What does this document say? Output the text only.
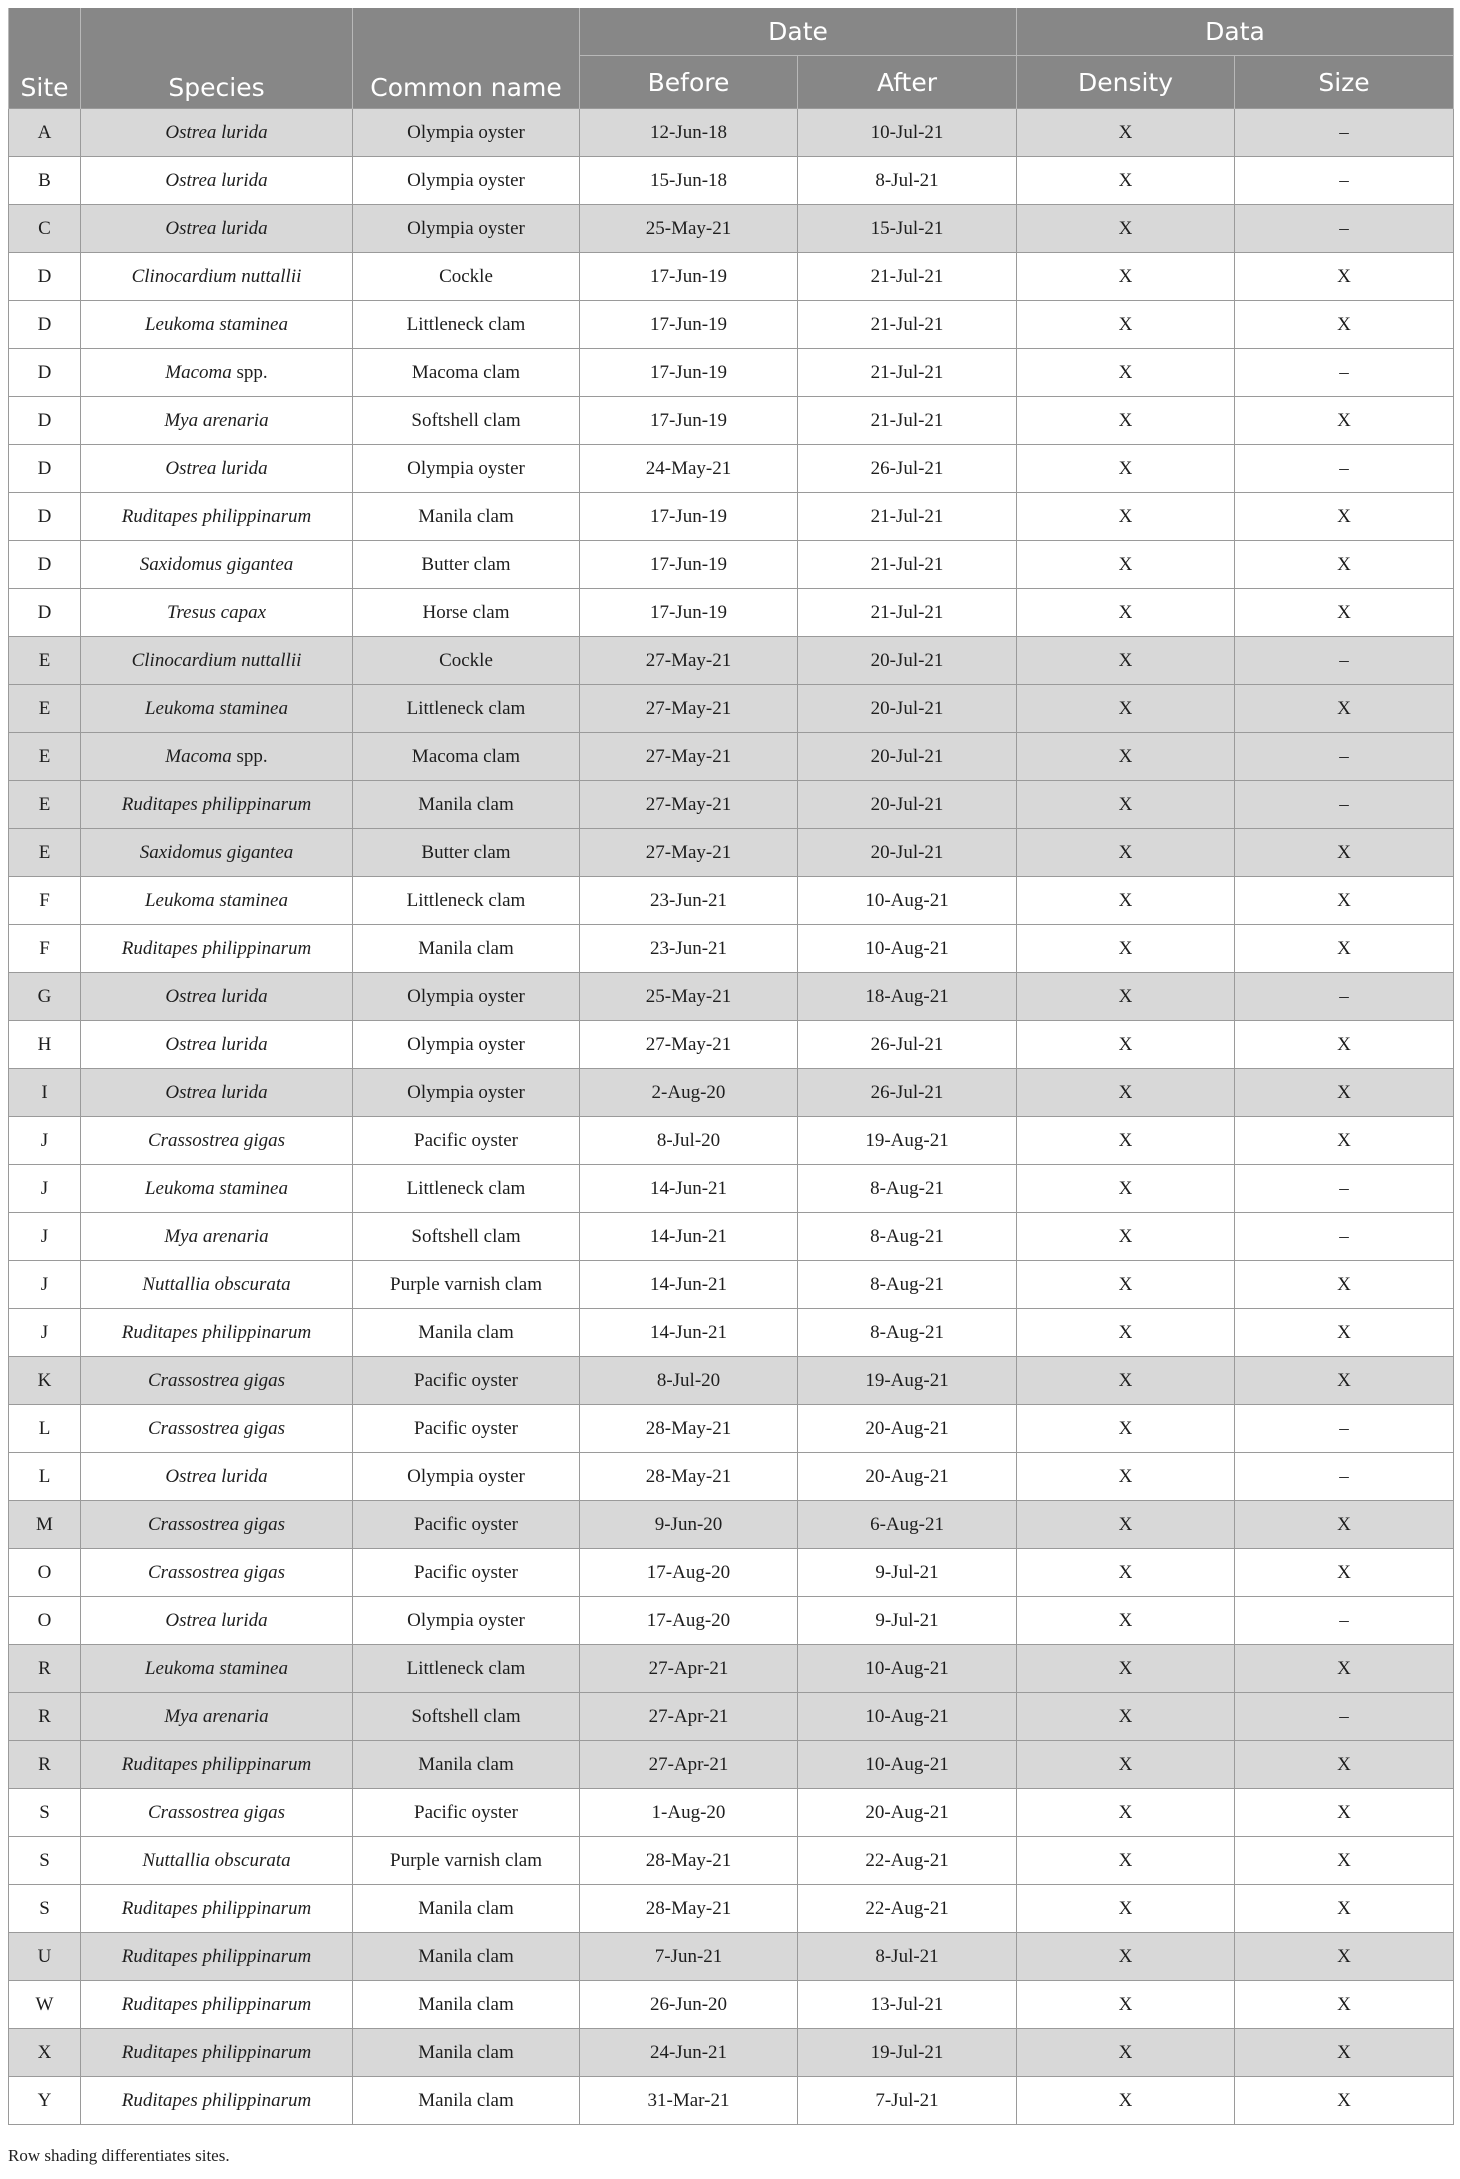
Site	Species	Common name	Date		Data	
			Before	After	Density	Size
A	Ostrea lurida	Olympia oyster	12-Jun-18	10-Jul-21	X	–
B	Ostrea lurida	Olympia oyster	15-Jun-18	8-Jul-21	X	–
C	Ostrea lurida	Olympia oyster	25-May-21	15-Jul-21	X	–
D	Clinocardium nuttallii	Cockle	17-Jun-19	21-Jul-21	X	X
D	Leukoma staminea	Littleneck clam	17-Jun-19	21-Jul-21	X	X
D	Macoma spp.	Macoma clam	17-Jun-19	21-Jul-21	X	–
D	Mya arenaria	Softshell clam	17-Jun-19	21-Jul-21	X	X
D	Ostrea lurida	Olympia oyster	24-May-21	26-Jul-21	X	–
D	Ruditapes philippinarum	Manila clam	17-Jun-19	21-Jul-21	X	X
D	Saxidomus gigantea	Butter clam	17-Jun-19	21-Jul-21	X	X
D	Tresus capax	Horse clam	17-Jun-19	21-Jul-21	X	X
E	Clinocardium nuttallii	Cockle	27-May-21	20-Jul-21	X	–
E	Leukoma staminea	Littleneck clam	27-May-21	20-Jul-21	X	X
E	Macoma spp.	Macoma clam	27-May-21	20-Jul-21	X	–
E	Ruditapes philippinarum	Manila clam	27-May-21	20-Jul-21	X	–
E	Saxidomus gigantea	Butter clam	27-May-21	20-Jul-21	X	X
F	Leukoma staminea	Littleneck clam	23-Jun-21	10-Aug-21	X	X
F	Ruditapes philippinarum	Manila clam	23-Jun-21	10-Aug-21	X	X
G	Ostrea lurida	Olympia oyster	25-May-21	18-Aug-21	X	–
H	Ostrea lurida	Olympia oyster	27-May-21	26-Jul-21	X	X
I	Ostrea lurida	Olympia oyster	2-Aug-20	26-Jul-21	X	X
J	Crassostrea gigas	Pacific oyster	8-Jul-20	19-Aug-21	X	X
J	Leukoma staminea	Littleneck clam	14-Jun-21	8-Aug-21	X	–
J	Mya arenaria	Softshell clam	14-Jun-21	8-Aug-21	X	–
J	Nuttallia obscurata	Purple varnish clam	14-Jun-21	8-Aug-21	X	X
J	Ruditapes philippinarum	Manila clam	14-Jun-21	8-Aug-21	X	X
K	Crassostrea gigas	Pacific oyster	8-Jul-20	19-Aug-21	X	X
L	Crassostrea gigas	Pacific oyster	28-May-21	20-Aug-21	X	–
L	Ostrea lurida	Olympia oyster	28-May-21	20-Aug-21	X	–
M	Crassostrea gigas	Pacific oyster	9-Jun-20	6-Aug-21	X	X
O	Crassostrea gigas	Pacific oyster	17-Aug-20	9-Jul-21	X	X
O	Ostrea lurida	Olympia oyster	17-Aug-20	9-Jul-21	X	–
R	Leukoma staminea	Littleneck clam	27-Apr-21	10-Aug-21	X	X
R	Mya arenaria	Softshell clam	27-Apr-21	10-Aug-21	X	–
R	Ruditapes philippinarum	Manila clam	27-Apr-21	10-Aug-21	X	X
S	Crassostrea gigas	Pacific oyster	1-Aug-20	20-Aug-21	X	X
S	Nuttallia obscurata	Purple varnish clam	28-May-21	22-Aug-21	X	X
S	Ruditapes philippinarum	Manila clam	28-May-21	22-Aug-21	X	X
U	Ruditapes philippinarum	Manila clam	7-Jun-21	8-Jul-21	X	X
W	Ruditapes philippinarum	Manila clam	26-Jun-20	13-Jul-21	X	X
X	Ruditapes philippinarum	Manila clam	24-Jun-21	19-Jul-21	X	X
Y	Ruditapes philippinarum	Manila clam	31-Mar-21	7-Jul-21	X	X
Row shading differentiates sites.
